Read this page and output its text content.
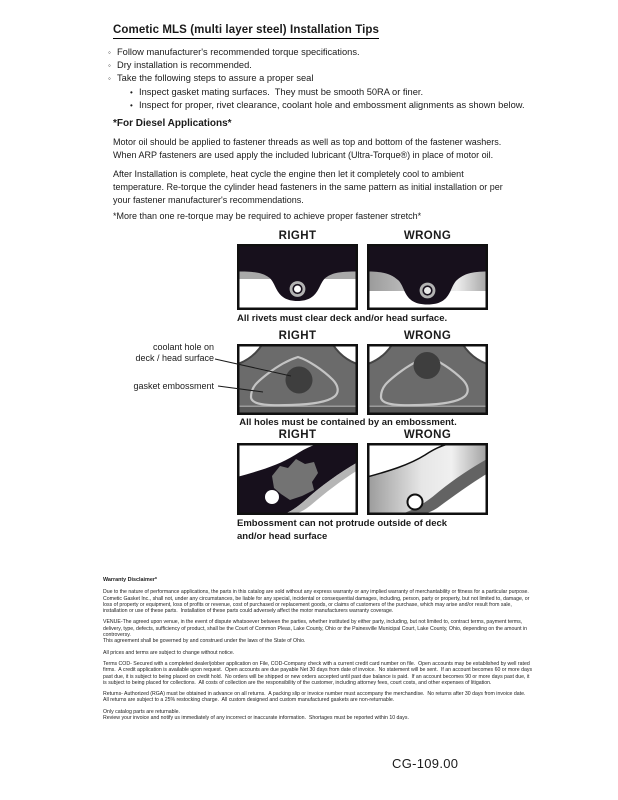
Cometic MLS (multi layer steel) Installation Tips
◦ Follow manufacturer's recommended torque specifications.
◦ Dry installation is recommended.
◦ Take the following steps to assure a proper seal
• Inspect gasket mating surfaces.  They must be smooth 50RA or finer.
• Inspect for proper, rivet clearance, coolant hole and embossment alignments as shown below.
*For Diesel Applications*
Motor oil should be applied to fastener threads as well as top and bottom of the fastener washers. When ARP fasteners are used apply the included lubricant (Ultra-Torque®) in place of motor oil.
After Installation is complete, heat cycle the engine then let it completely cool to ambient temperature. Re-torque the cylinder head fasteners in the same pattern as initial installation or per your fastener manufacturer's recommendations.
*More than one re-torque may be required to achieve proper fastener stretch*
RIGHT	WRONG
All rivets must clear deck and/or head surface.
coolant hole on
deck / head surface
gasket embossment
RIGHT	WRONG
All holes must be contained by an embossment.
RIGHT	WRONG
Embossment can not protrude outside of deck and/or head surface
Warranty Disclaimer*

Due to the nature of performance applications, the parts in this catalog are sold without any express warranty or any implied warranty of merchantability or fitness for a particular purpose.  Cometic Gasket Inc., shall not, under any circumstances, be liable for any special, incidental or consequential damages, including, person, party or property, but not limited to, damage, or loss of property or equipment, loss of profits or revenue, cost of purchased or replacement goods, or claims of customers of the purchase, which may arise and/or result from sale, installation or use of these parts.  Installation of these parts could adversely affect the motor manufacturers warranty coverage.

VENUE-The agreed upon venue, in the event of dispute whatsoever between the parties, whether instituted by either party, including, but not limited to, contract terms, payment terms, delivery, type, defects, sufficiency of product, shall be the Court of Common Pleas, Lake County, Ohio or the Painesville Municipal Court, Lake County, Ohio, depending on the amount in controversy.

This agreement shall be governed by and construed under the laws of the State of Ohio.

All prices and terms are subject to change without notice.

Terms COD- Secured with a completed dealer/jobber application on File, COD-Company check with a current credit card number on file.  Open accounts may be established by well rated firms.  A credit application is available upon request.  Open accounts are due payable Net 30 days from date of invoice.  No statement will be sent.  If an account becomes 60 or more days past due, it is subject to being placed on credit hold.  No orders will be shipped or new orders accepted until past due balance is paid.  If an account becomes 90 or more days past due, it is subject to being placed for collections.  All costs of collection are the responsibility of the customer, including attorney fees, court costs, and other expenses of litigation.

Returns- Authorized (RGA) must be obtained in advance on all returns.  A packing slip or invoice number must accompany the merchandise.  No returns after 30 days from invoice date.  All returns are subject to a 25% restocking charge.  All custom designed and custom manufactured gaskets are non-returnable.

Only catalog parts are returnable.

Review your invoice and notify us immediately of any incorrect or inaccurate information.  Shortages must be reported within 10 days.

CG-109.00
